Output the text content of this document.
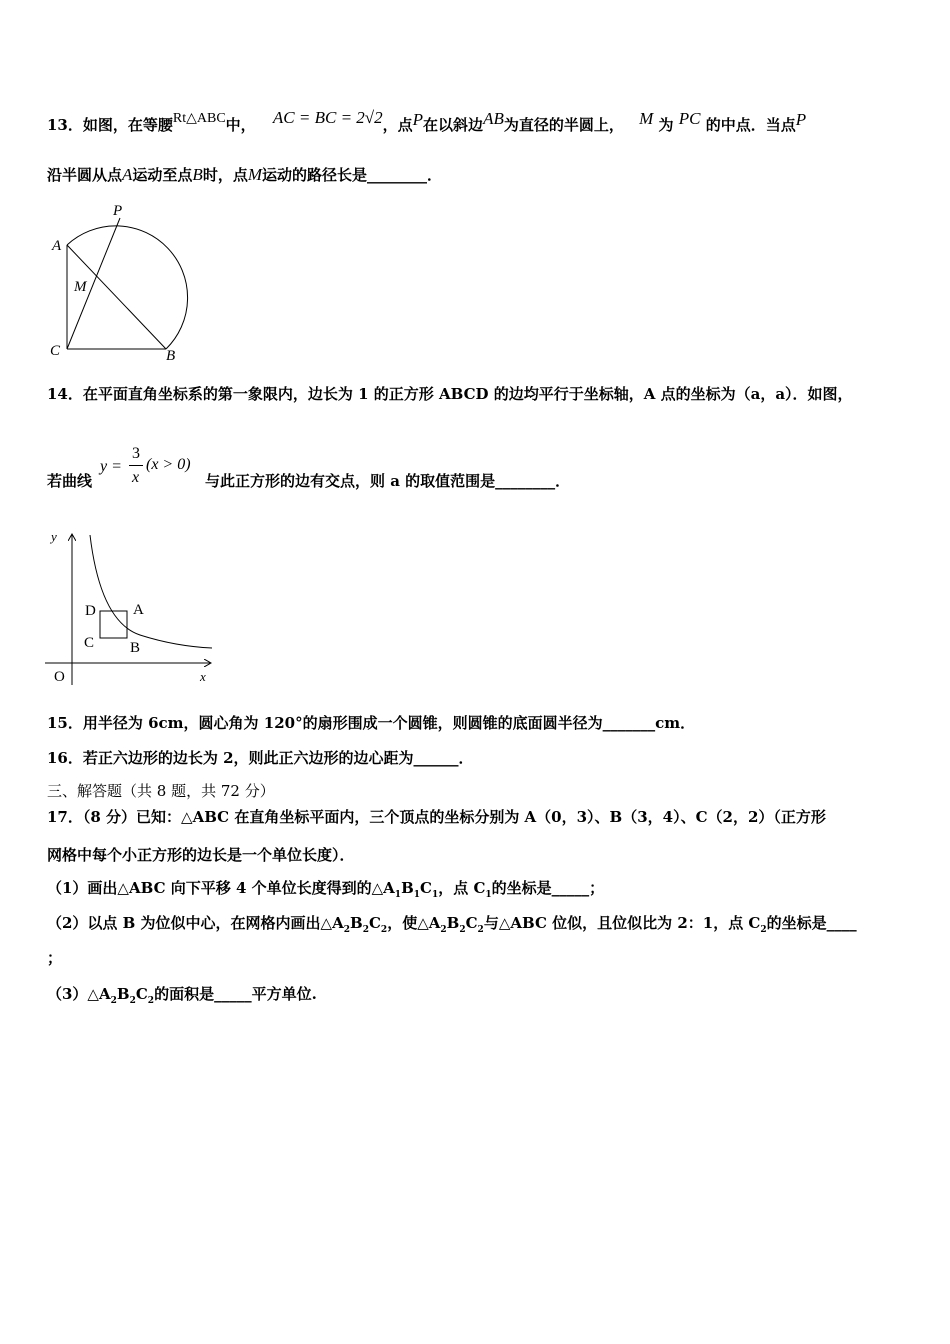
13．如图，在等腰Rt△ABC中， AC = BC = 2√2，点P在以斜边AB为直径的半圆上， M 为 PC 的中点．当点P
沿半圆从点A运动至点B时，点M运动的路径长是________．
P
A
M
C	B
14．在平面直角坐标系的第一象限内，边长为 1 的正方形 ABCD 的边均平行于坐标轴，A 点的坐标为（a，a）．如图，
若曲线
y =
3
x
(x > 0)
与此正方形的边有交点，则 a 的取值范围是________．
y
x
O
D A
C B
15．用半径为 6cm，圆心角为 120°的扇形围成一个圆锥，则圆锥的底面圆半径为_______cm．
16．若正六边形的边长为 2，则此正六边形的边心距为______．
三、解答题（共 8 题，共 72 分）
17．（8 分）已知：△ABC 在直角坐标平面内，三个顶点的坐标分别为 A（0，3）、B（3，4）、C（2，2）（正方形
网格中每个小正方形的边长是一个单位长度）．
（1）画出△ABC 向下平移 4 个单位长度得到的$\triangle A_1B_1C_1$，点 $C_1$的坐标是_____；
（2）以点 B 为位似中心，在网格内画出$\triangle A_2B_2C_2$，使$\triangle A_2B_2C_2$与△ABC 位似，且位似比为 2：1，点 $C_2$的坐标是____
；
$(3)\triangle A_2B_2C_2$的面积是_____平方单位.
